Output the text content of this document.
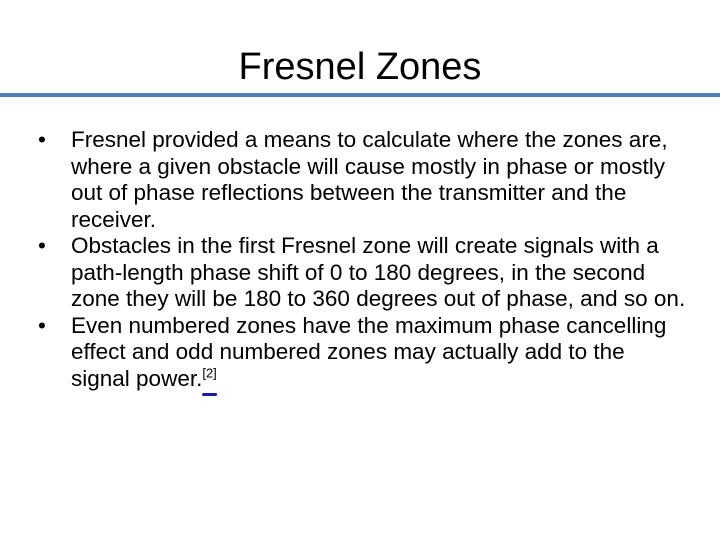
Fresnel Zones
• Fresnel provided a means to calculate where the zones are, where a given obstacle will cause mostly in phase or mostly out of phase reflections between the transmitter and the receiver.
• Obstacles in the first Fresnel zone will create signals with a path-length phase shift of 0 to 180 degrees, in the second zone they will be 180 to 360 degrees out of phase, and so on.
• Even numbered zones have the maximum phase cancelling effect and odd numbered zones may actually add to the signal power.[2]
